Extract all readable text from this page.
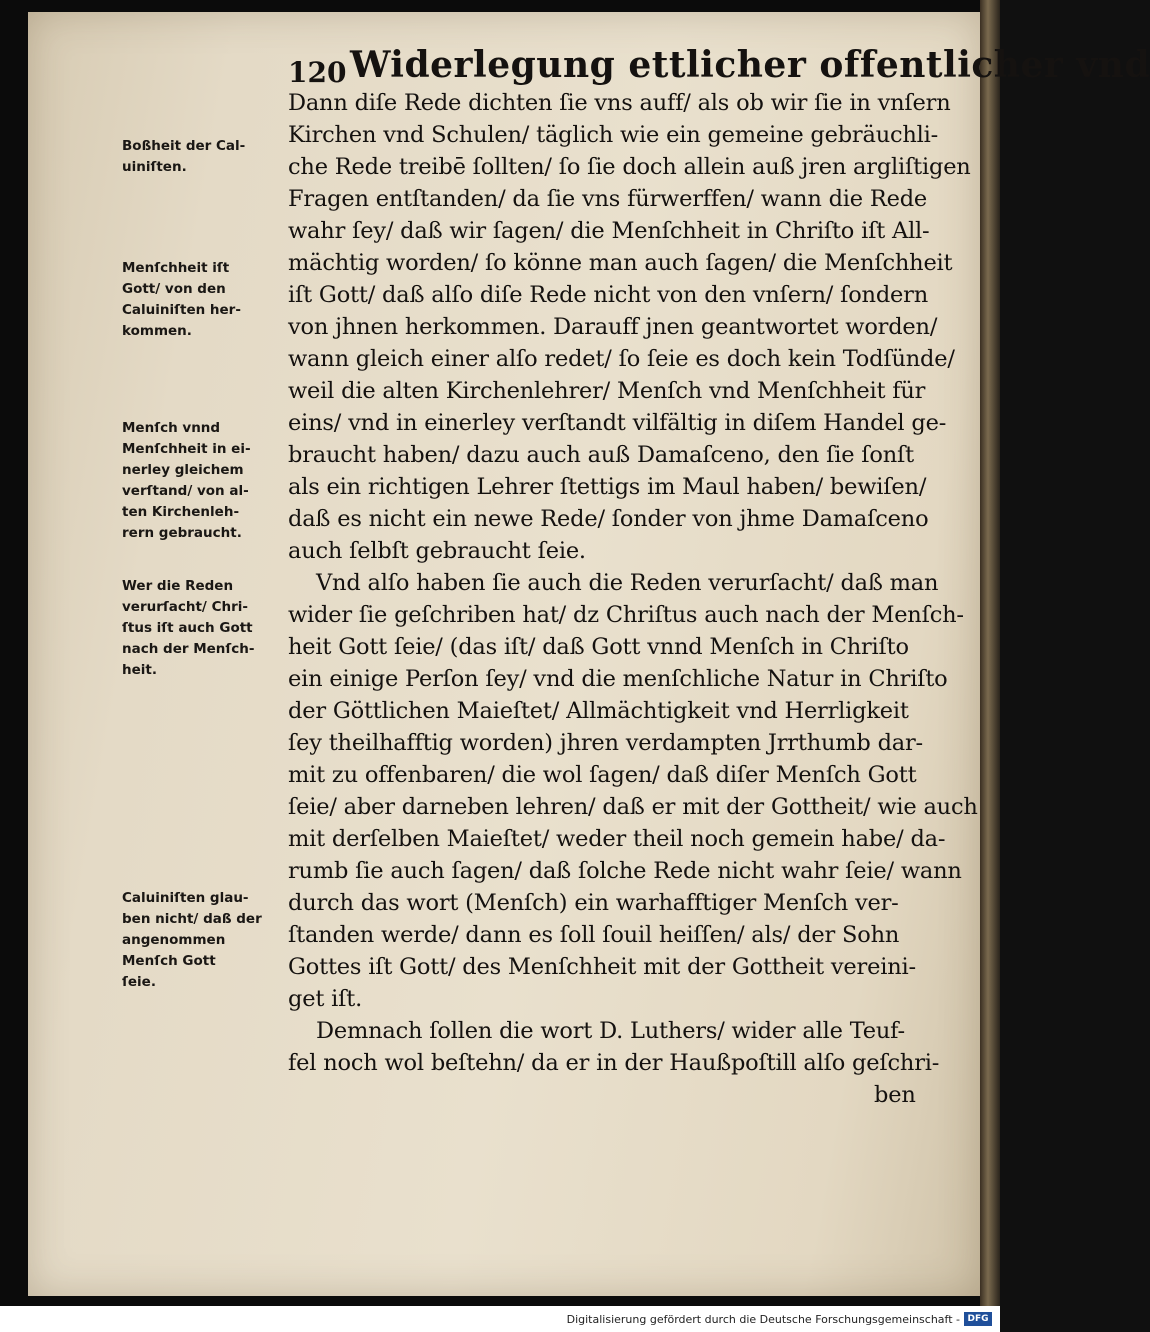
120 Widerlegung ettlicher offentlicher vnd
Boßheit der Cal-
uiniſten.
Menſchheit iſt
Gott/ von den
Caluiniſten her-
kommen.
Menſch vnnd
Menſchheit in ei-
nerley gleichem
verſtand/ von al-
ten Kirchenleh-
rern gebraucht.
Wer die Reden
verurſacht/ Chri-
ſtus iſt auch Gott
nach der Menſch-
heit.
Caluiniſten glau-
ben nicht/ daß der
angenommen
Menſch Gott
ſeie.
Dann diſe Rede dichten ſie vns auff/ als ob wir ſie in vnſern
Kirchen vnd Schulen/ täglich wie ein gemeine gebräuchli-
che Rede treibē ſollten/ ſo ſie doch allein auß jren argliſtigen
Fragen entſtanden/ da ſie vns fürwerffen/ wann die Rede
wahr ſey/ daß wir ſagen/ die Menſchheit in Chriſto iſt All-
mächtig worden/ ſo könne man auch ſagen/ die Menſchheit
iſt Gott/ daß alſo diſe Rede nicht von den vnſern/ ſondern
von jhnen herkommen. Darauff jnen geantwortet worden/
wann gleich einer alſo redet/ ſo ſeie es doch kein Todſünde/
weil die alten Kirchenlehrer/ Menſch vnd Menſchheit für
eins/ vnd in einerley verſtandt vilfältig in diſem Handel ge-
braucht haben/ dazu auch auß Damaſceno, den ſie ſonſt
als ein richtigen Lehrer ſtettigs im Maul haben/ bewiſen/
daß es nicht ein newe Rede/ ſonder von jhme Damaſceno
auch ſelbſt gebraucht ſeie.
Vnd alſo haben ſie auch die Reden verurſacht/ daß man
wider ſie geſchriben hat/ dz Chriſtus auch nach der Menſch-
heit Gott ſeie/ (das iſt/ daß Gott vnnd Menſch in Chriſto
ein einige Perſon ſey/ vnd die menſchliche Natur in Chriſto
der Göttlichen Maieſtet/ Allmächtigkeit vnd Herrligkeit
ſey theilhafftig worden) jhren verdampten Jrrthumb dar-
mit zu offenbaren/ die wol ſagen/ daß diſer Menſch Gott
ſeie/ aber darneben lehren/ daß er mit der Gottheit/ wie auch
mit derſelben Maieſtet/ weder theil noch gemein habe/ da-
rumb ſie auch ſagen/ daß ſolche Rede nicht wahr ſeie/ wann
durch das wort (Menſch) ein warhafftiger Menſch ver-
ſtanden werde/ dann es ſoll ſouil heiſſen/ als/ der Sohn
Gottes iſt Gott/ des Menſchheit mit der Gottheit vereini-
get iſt.
Demnach ſollen die wort D. Luthers/ wider alle Teuf-
fel noch wol beſtehn/ da er in der Haußpoſtill alſo geſchri-
ben
Digitalisierung gefördert durch die Deutsche Forschungsgemeinschaft - DFG
